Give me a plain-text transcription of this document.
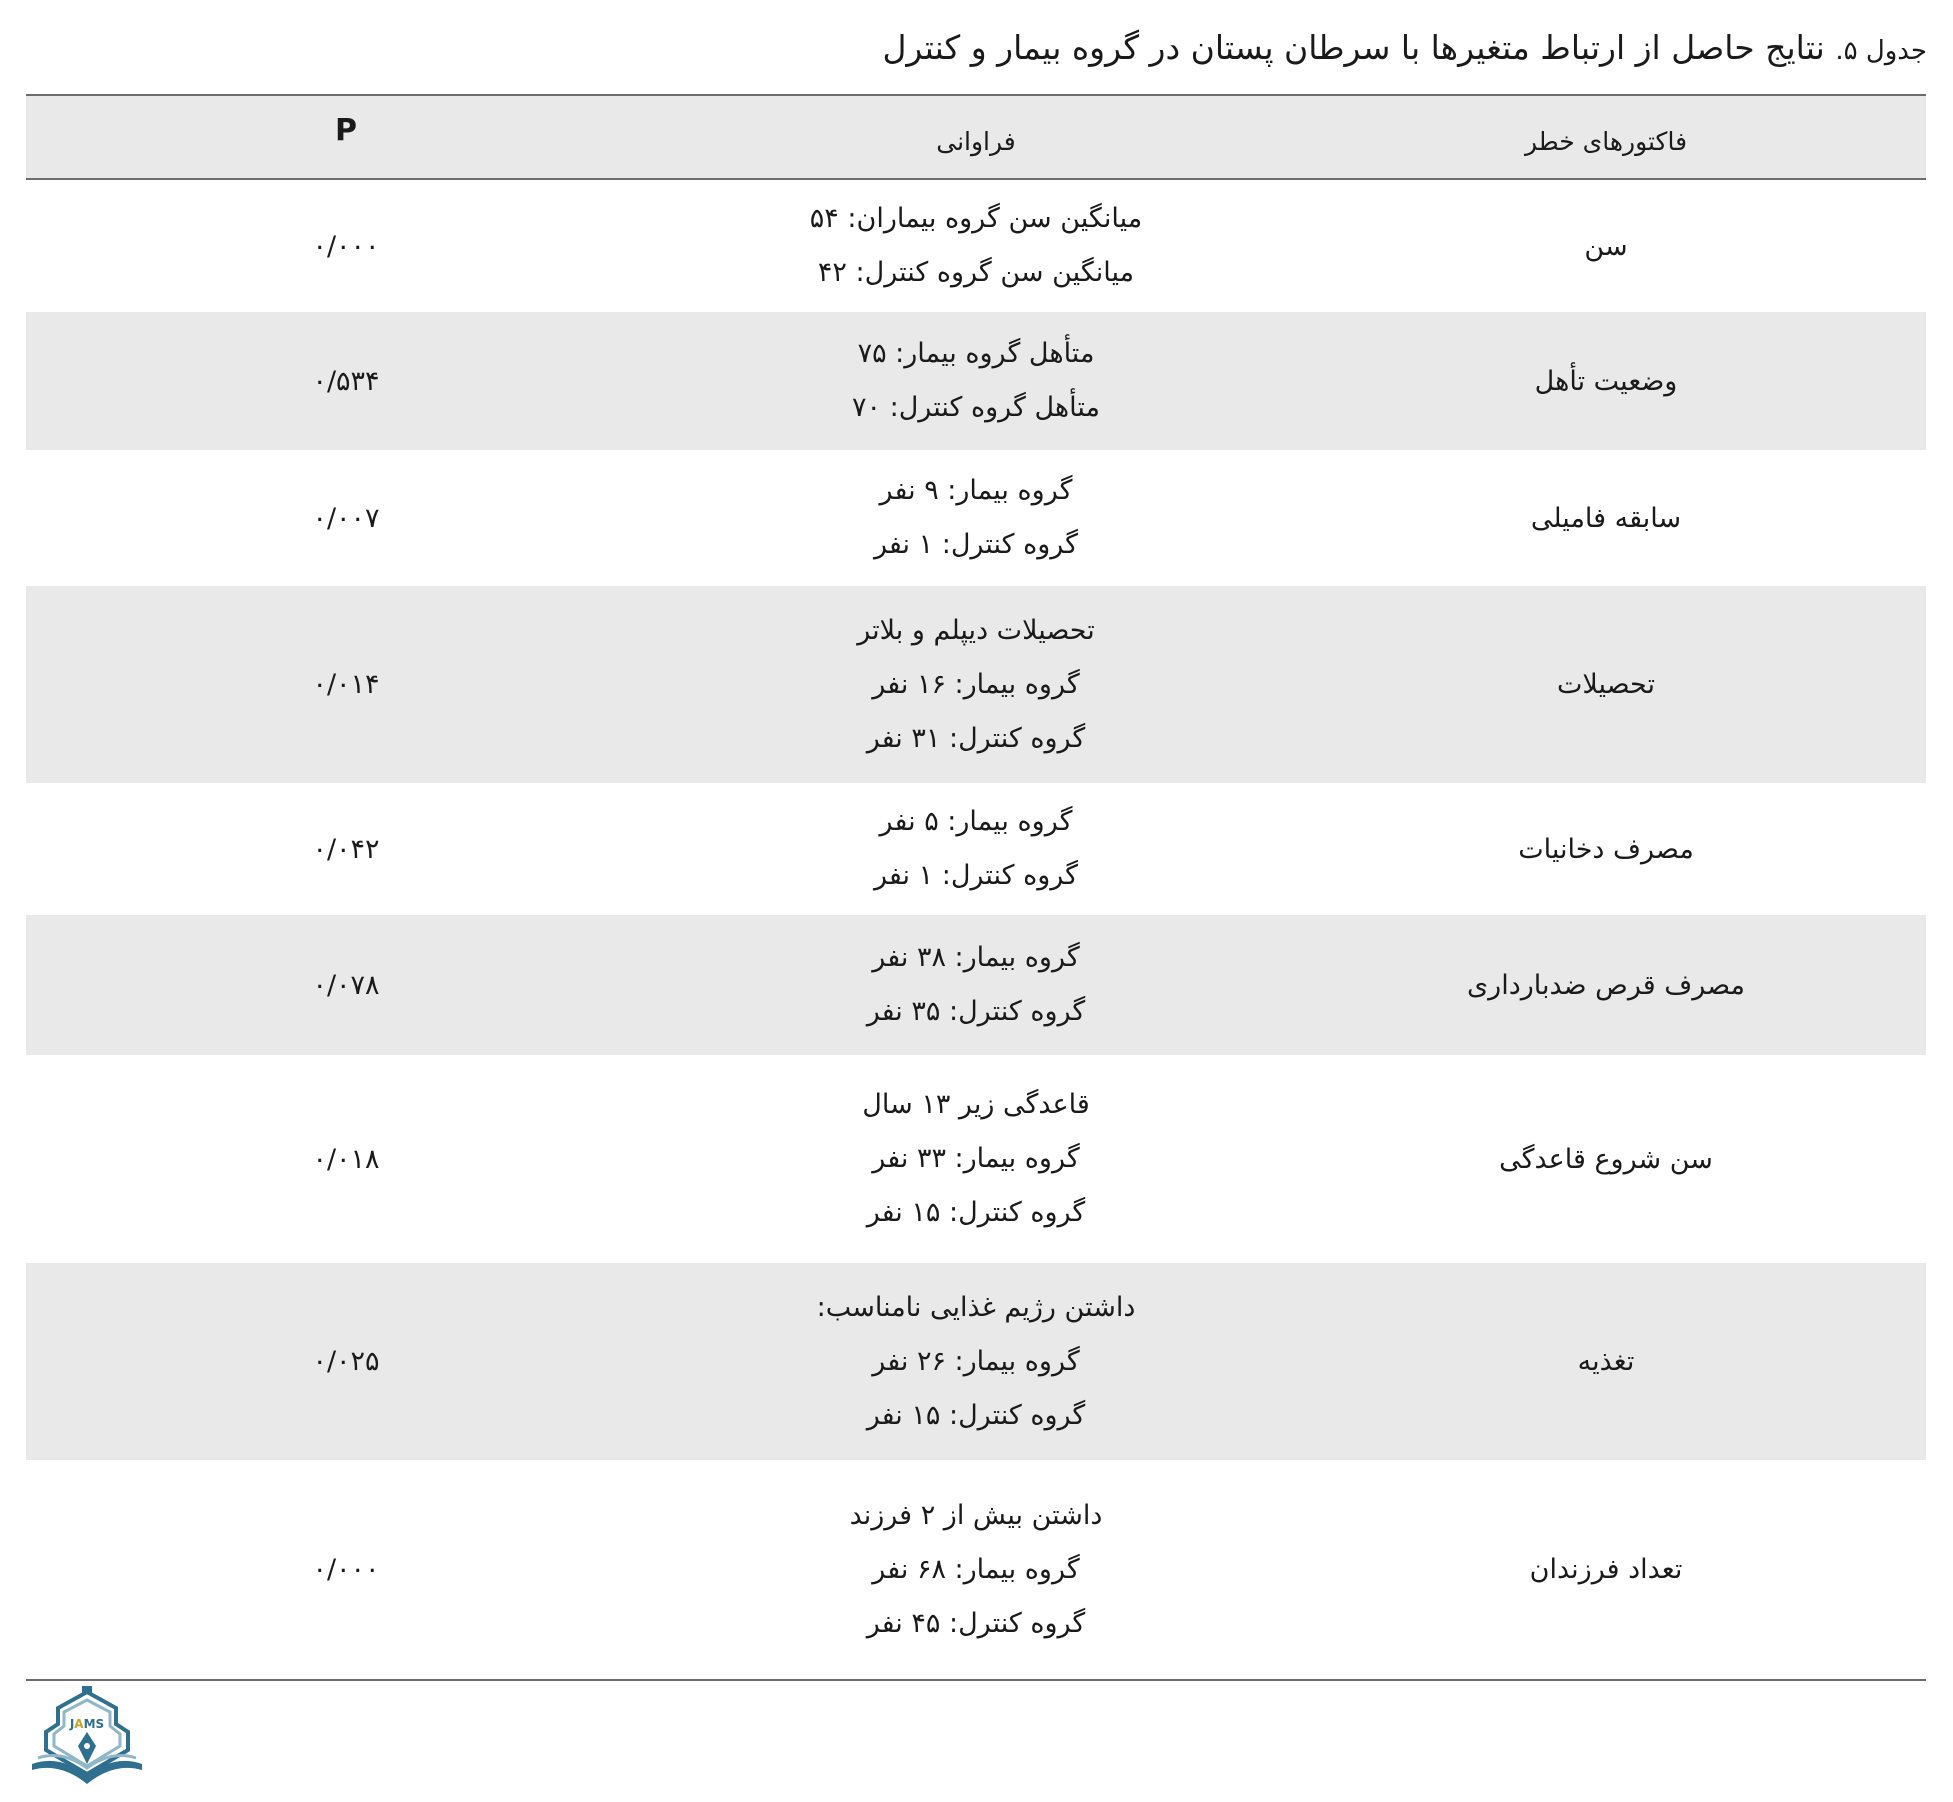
جدول ۵. نتایج حاصل از ارتباط متغیرها با سرطان پستان در گروه بیمار و کنترل
فاکتورهای خطر
فراوانی
P
سن
میانگین سن گروه بیماران: ۵۴
میانگین سن گروه کنترل: ۴۲
۰/۰۰۰
وضعیت تأهل
متأهل گروه بیمار: ۷۵
متأهل گروه کنترل: ۷۰
۰/۵۳۴
سابقه فامیلی
گروه بیمار: ۹ نفر
گروه کنترل: ۱ نفر
۰/۰۰۷
تحصیلات
تحصیلات دیپلم و بلاتر
گروه بیمار: ۱۶ نفر
گروه کنترل: ۳۱ نفر
۰/۰۱۴
مصرف دخانیات
گروه بیمار: ۵ نفر
گروه کنترل: ۱ نفر
۰/۰۴۲
مصرف قرص ضدبارداری
گروه بیمار: ۳۸ نفر
گروه کنترل: ۳۵ نفر
۰/۰۷۸
سن شروع قاعدگی
قاعدگی زیر ۱۳ سال
گروه بیمار: ۳۳ نفر
گروه کنترل: ۱۵ نفر
۰/۰۱۸
تغذیه
داشتن رژیم غذایی نامناسب:
گروه بیمار: ۲۶ نفر
گروه کنترل: ۱۵ نفر
۰/۰۲۵
تعداد فرزندان
داشتن بیش از ۲ فرزند
گروه بیمار: ۶۸ نفر
گروه کنترل: ۴۵ نفر
۰/۰۰۰
JAMS
